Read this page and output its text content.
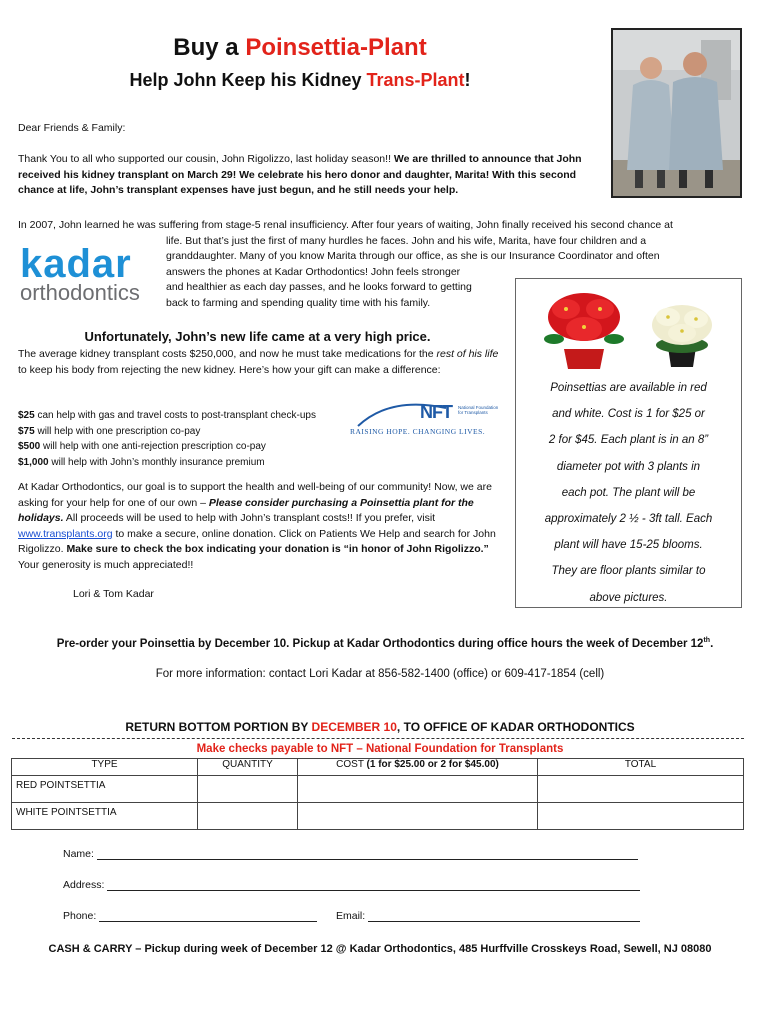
Buy a Poinsettia-Plant
Help John Keep his Kidney Trans-Plant!
Dear Friends & Family:
Thank You to all who supported our cousin, John Rigolizzo, last holiday season!! We are thrilled to announce that John received his kidney transplant on March 29! We celebrate his hero donor and daughter, Marita! With this second chance at life, John’s transplant expenses have just begun, and he still needs your help.
In 2007, John learned he was suffering from stage-5 renal insufficiency. After four years of waiting, John finally received his second chance at
life. But that’s just the first of many hurdles he faces. John and his wife, Marita, have four children and a
granddaughter. Many of you know Marita through our office, as she is our Insurance Coordinator and often
answers the phones at Kadar Orthodontics! John feels stronger
and healthier as each day passes, and he looks forward to getting
back to farming and spending quality time with his family.
kadar
orthodontics
Poinsettias are available in red
and white. Cost is 1 for $25 or
2 for $45. Each plant is in an 8”
diameter pot with 3 plants in
each pot. The plant will be
approximately 2 ½ - 3ft tall. Each
plant will have 15-25 blooms.
They are floor plants similar to
above pictures.
Unfortunately, John’s new life came at a very high price.
The average kidney transplant costs $250,000, and now he must take medications for the rest of his life to keep his body from rejecting the new kidney. Here’s how your gift can make a difference:
$25 can help with gas and travel costs to post-transplant check-ups
$75 will help with one prescription co-pay
$500 will help with one anti-rejection prescription co-pay
$1,000 will help with John’s monthly insurance premium
NFT National Foundation for Transplants
RAISING HOPE. CHANGING LIVES.
At Kadar Orthodontics, our goal is to support the health and well-being of our community! Now, we are asking for your help for one of our own – Please consider purchasing a Poinsettia plant for the holidays. All proceeds will be used to help with John’s transplant costs!! If you prefer, visit www.transplants.org to make a secure, online donation. Click on Patients We Help and search for John Rigolizzo. Make sure to check the box indicating your donation is “in honor of John Rigolizzo.” Your generosity is much appreciated!!
Lori & Tom Kadar
Pre-order your Poinsettia by December 10. Pickup at Kadar Orthodontics during office hours the week of December 12th.
For more information: contact Lori Kadar at 856-582-1400 (office) or 609-417-1854 (cell)
RETURN BOTTOM PORTION BY DECEMBER 10, TO OFFICE OF KADAR ORTHODONTICS
Make checks payable to NFT – National Foundation for Transplants
TYPE	QUANTITY	COST (1 for $25.00 or 2 for $45.00)	TOTAL
RED POINTSETTIA			
WHITE POINTSETTIA			
Name:
Address:
Phone:	Email:
CASH & CARRY – Pickup during week of December 12 @ Kadar Orthodontics, 485 Hurffville Crosskeys Road, Sewell, NJ 08080
